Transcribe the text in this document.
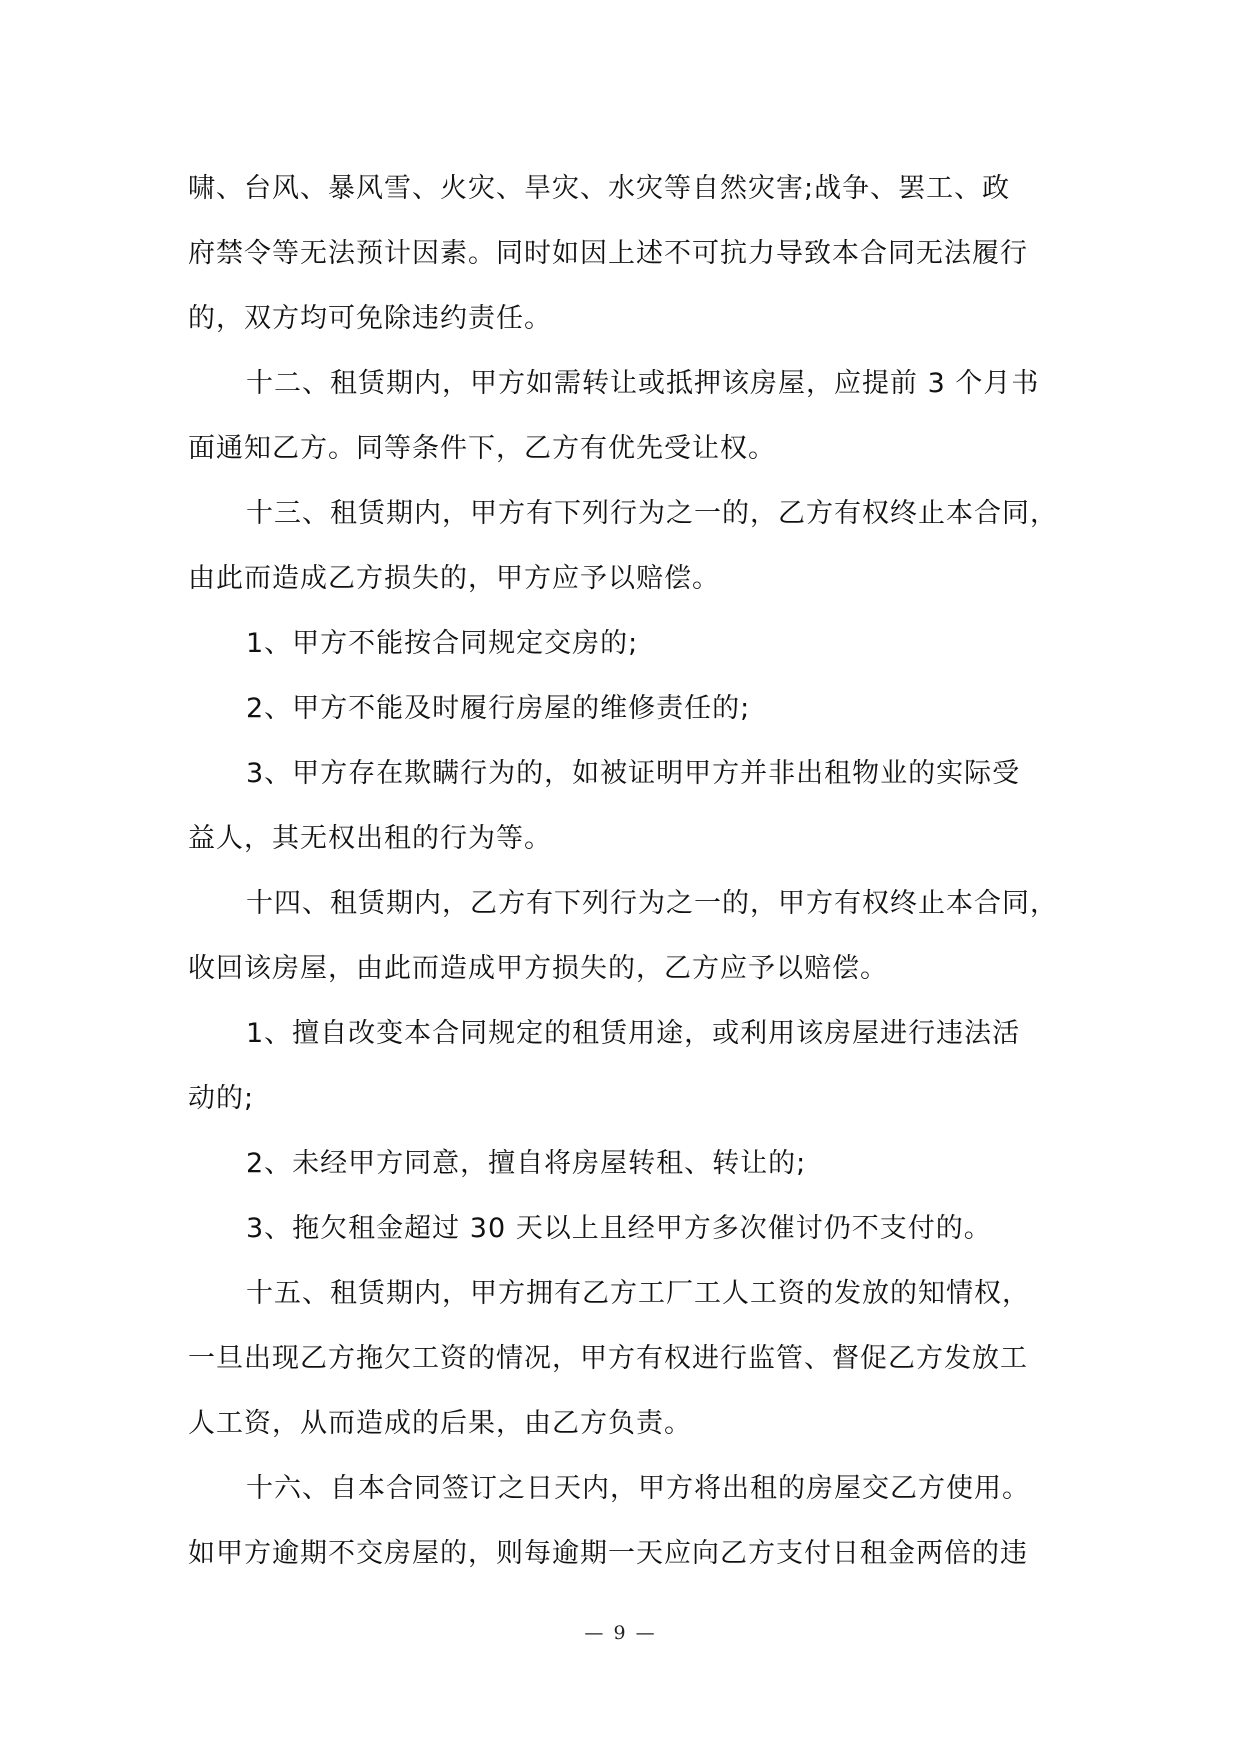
啸、台风、暴风雪、火灾、旱灾、水灾等自然灾害;战争、罢工、政
府禁令等无法预计因素。同时如因上述不可抗力导致本合同无法履行
的，双方均可免除违约责任。
十二、租赁期内，甲方如需转让或抵押该房屋，应提前 3 个月书
面通知乙方。同等条件下，乙方有优先受让权。
十三、租赁期内，甲方有下列行为之一的，乙方有权终止本合同，
由此而造成乙方损失的，甲方应予以赔偿。
1、甲方不能按合同规定交房的;
2、甲方不能及时履行房屋的维修责任的;
3、甲方存在欺瞒行为的，如被证明甲方并非出租物业的实际受
益人，其无权出租的行为等。
十四、租赁期内，乙方有下列行为之一的，甲方有权终止本合同，
收回该房屋，由此而造成甲方损失的，乙方应予以赔偿。
1、擅自改变本合同规定的租赁用途，或利用该房屋进行违法活
动的;
2、未经甲方同意，擅自将房屋转租、转让的;
3、拖欠租金超过 30 天以上且经甲方多次催讨仍不支付的。
十五、租赁期内，甲方拥有乙方工厂工人工资的发放的知情权，
一旦出现乙方拖欠工资的情况，甲方有权进行监管、督促乙方发放工
人工资，从而造成的后果，由乙方负责。
十六、自本合同签订之日天内，甲方将出租的房屋交乙方使用。
如甲方逾期不交房屋的，则每逾期一天应向乙方支付日租金两倍的违
— 9 —
